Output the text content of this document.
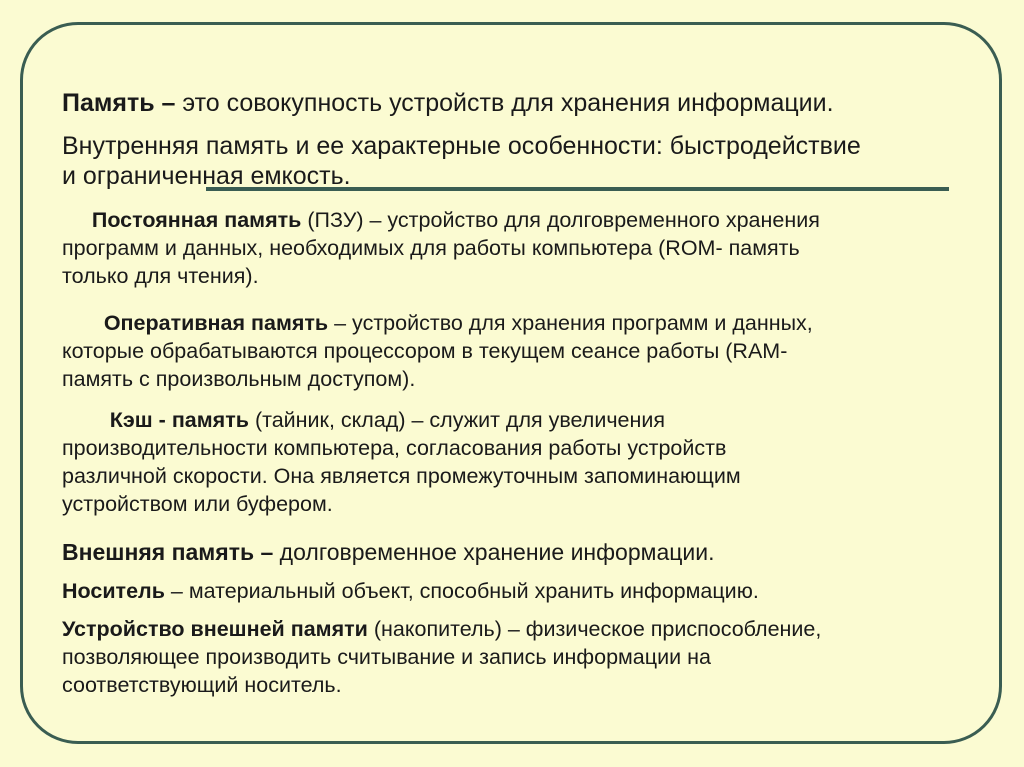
Память – это совокупность устройств для хранения информации.

Внутренняя память и ее характерные особенности: быстродействие
и ограниченная емкость.

Постоянная память (ПЗУ) – устройство для долговременного хранения
программ и данных, необходимых для работы компьютера (ROM- память
только для чтения).

Оперативная память – устройство для хранения программ и данных,
которые обрабатываются процессором в текущем сеансе работы (RAM-
память с произвольным доступом).

Кэш - память (тайник, склад) – служит для увеличения
производительности компьютера, согласования работы устройств
различной скорости. Она является промежуточным запоминающим
устройством или буфером.

Внешняя память – долговременное хранение информации.

Носитель – материальный объект, способный хранить информацию.

Устройство внешней памяти (накопитель) – физическое приспособление,
позволяющее производить считывание и запись информации на
соответствующий носитель.
